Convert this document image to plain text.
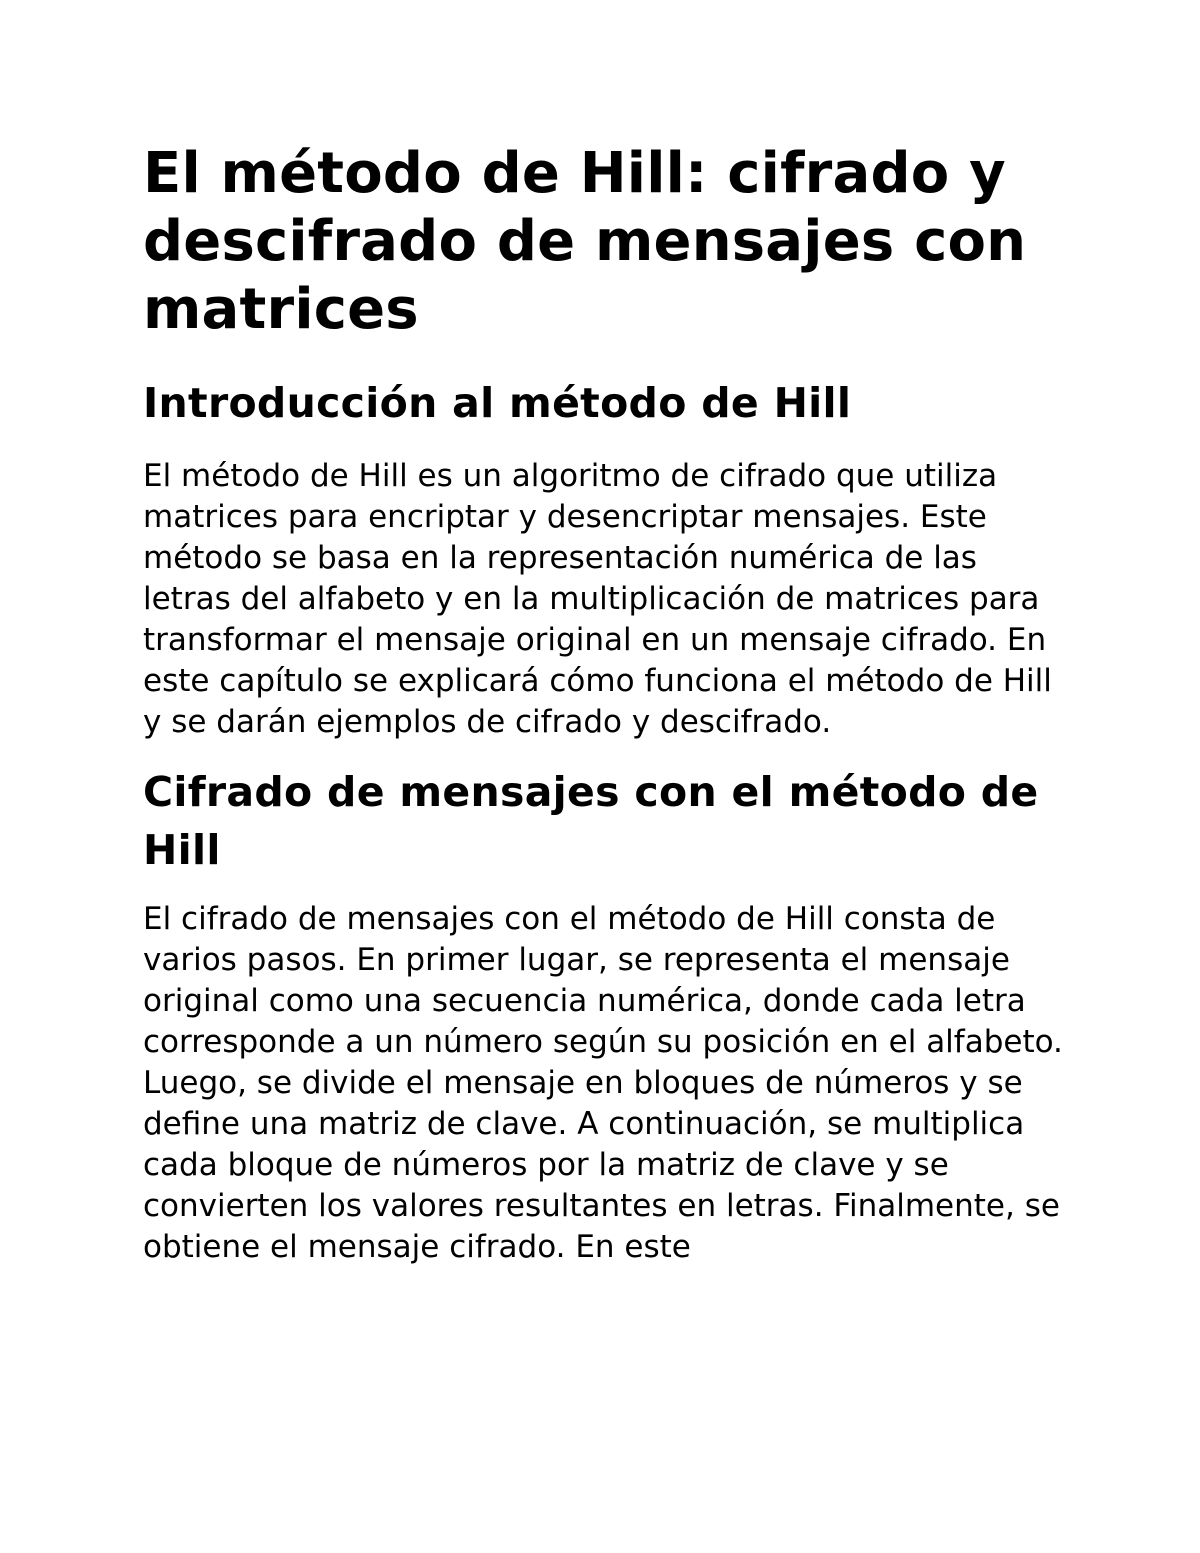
El método de Hill: cifrado y descifrado de mensajes con matrices
Introducción al método de Hill

El método de Hill es un algoritmo de cifrado que utiliza matrices para encriptar y desencriptar mensajes. Este método se basa en la representación numérica de las letras del alfabeto y en la multiplicación de matrices para transformar el mensaje original en un mensaje cifrado. En este capítulo se explicará cómo funciona el método de Hill y se darán ejemplos de cifrado y descifrado.

Cifrado de mensajes con el método de Hill

El cifrado de mensajes con el método de Hill consta de varios pasos. En primer lugar, se representa el mensaje original como una secuencia numérica, donde cada letra corresponde a un número según su posición en el alfabeto. Luego, se divide el mensaje en bloques de números y se define una matriz de clave. A continuación, se multiplica cada bloque de números por la matriz de clave y se convierten los valores resultantes en letras. Finalmente, se obtiene el mensaje cifrado. En este
